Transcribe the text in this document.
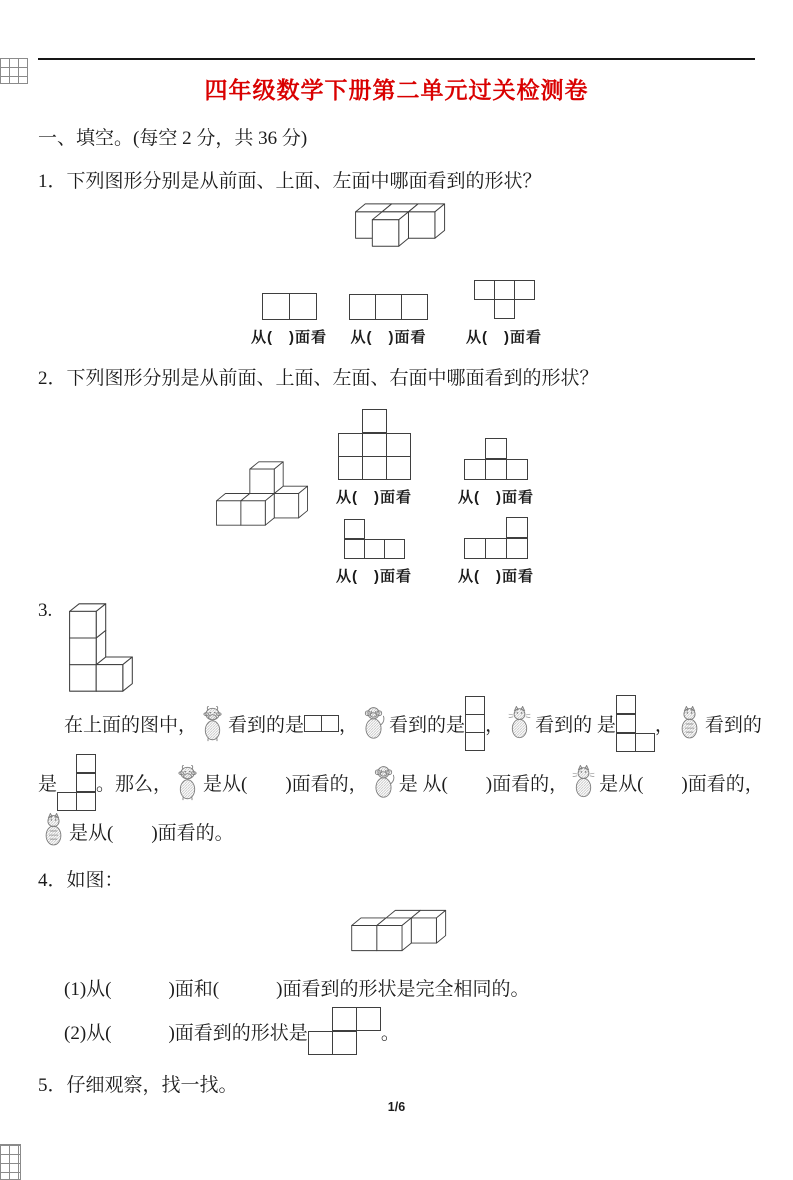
四年级数学下册第二单元过关检测卷
一、填空。(每空 2 分，共 36 分)
1．下列图形分别是从前面、上面、左面中哪面看到的形状？
从(　)面看 从(　)面看	从(　)面看
2．下列图形分别是从前面、上面、左面、右面中哪面看到的形状？
从(　)面看	从(　)面看
从(　)面看	从(　)面看
3.
在上面的图中， 看到的是 ， 看到的是 ， 看到的 是 ， 看到的
是 。那么， 是从(　　)面看的， 是 从(　　)面看的， 是从(　　)面看的，
是从(　　)面看的。
4．如图：
(1)从(　　　)面和(　　　)面看到的形状是完全相同的。
(2)从(　　　)面看到的形状是	。
5．仔细观察，找一找。
1/6
